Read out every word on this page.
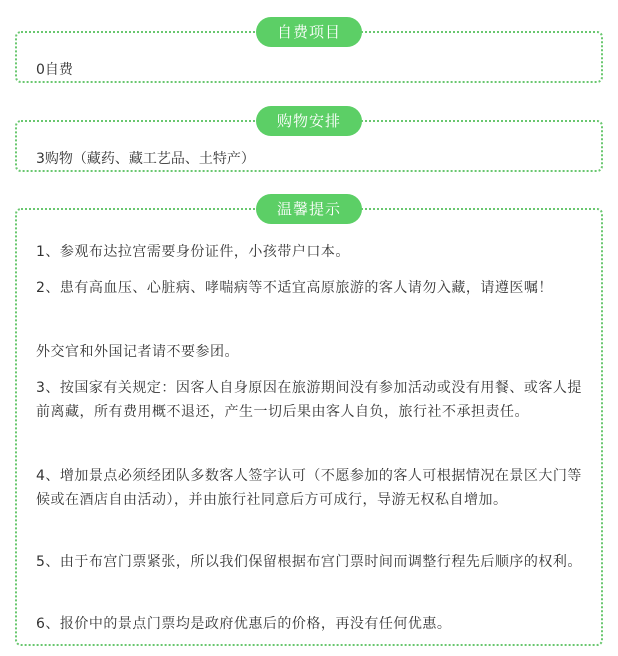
自费项目

0自费

购物安排

3购物（藏药、藏工艺品、土特产）

温馨提示

1、参观布达拉宫需要身份证件，小孩带户口本。

2、患有高血压、心脏病、哮喘病等不适宜高原旅游的客人请勿入藏，请遵医嘱！

外交官和外国记者请不要参团。

3、按国家有关规定：因客人自身原因在旅游期间没有参加活动或没有用餐、或客人提前离藏，所有费用概不退还，产生一切后果由客人自负，旅行社不承担责任。

4、增加景点必须经团队多数客人签字认可（不愿参加的客人可根据情况在景区大门等候或在酒店自由活动），并由旅行社同意后方可成行，导游无权私自增加。

5、由于布宫门票紧张，所以我们保留根据布宫门票时间而调整行程先后顺序的权利。

6、报价中的景点门票均是政府优惠后的价格，再没有任何优惠。
